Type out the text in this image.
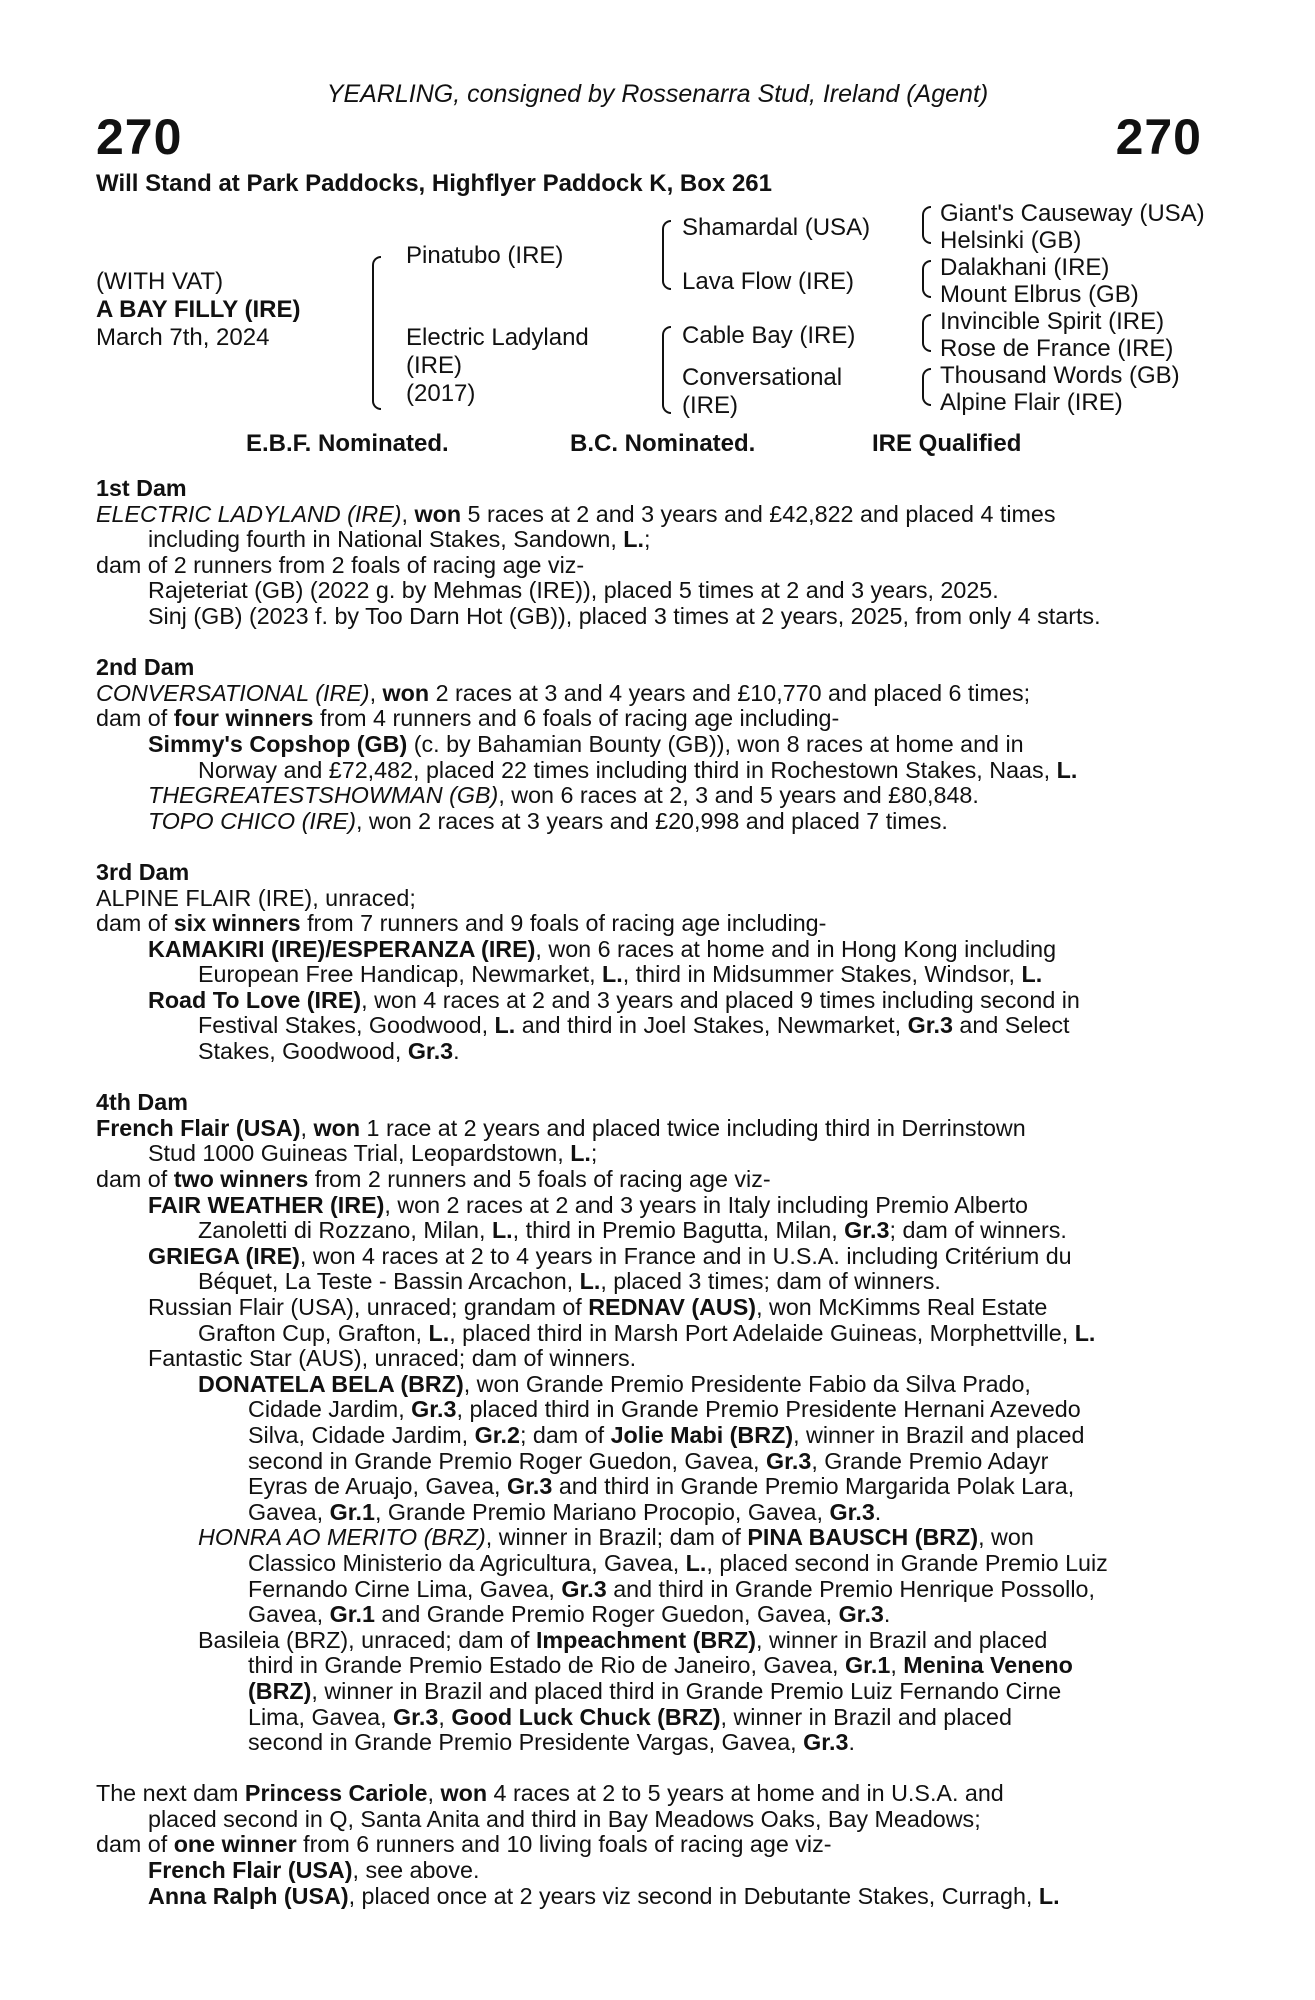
YEARLING, consigned by Rossenarra Stud, Ireland (Agent)
270	270
Will Stand at Park Paddocks, Highflyer Paddock K, Box 261
(WITH VAT)
A BAY FILLY (IRE)
March 7th, 2024
Pinatubo (IRE)
Electric Ladyland
(IRE)
(2017)
Shamardal (USA)
Lava Flow (IRE)
Cable Bay (IRE)
Conversational
(IRE)
Giant's Causeway (USA)
Helsinki (GB)
Dalakhani (IRE)
Mount Elbrus (GB)
Invincible Spirit (IRE)
Rose de France (IRE)
Thousand Words (GB)
Alpine Flair (IRE)
E.B.F. Nominated.	B.C. Nominated.	IRE Qualified
1st Dam
ELECTRIC LADYLAND (IRE), won 5 races at 2 and 3 years and £42,822 and placed 4 times
including fourth in National Stakes, Sandown, L.;
dam of 2 runners from 2 foals of racing age viz-
Rajeteriat (GB) (2022 g. by Mehmas (IRE)), placed 5 times at 2 and 3 years, 2025.
Sinj (GB) (2023 f. by Too Darn Hot (GB)), placed 3 times at 2 years, 2025, from only 4 starts.
2nd Dam
CONVERSATIONAL (IRE), won 2 races at 3 and 4 years and £10,770 and placed 6 times;
dam of four winners from 4 runners and 6 foals of racing age including-
Simmy's Copshop (GB) (c. by Bahamian Bounty (GB)), won 8 races at home and in
Norway and £72,482, placed 22 times including third in Rochestown Stakes, Naas, L.
THEGREATESTSHOWMAN (GB), won 6 races at 2, 3 and 5 years and £80,848.
TOPO CHICO (IRE), won 2 races at 3 years and £20,998 and placed 7 times.
3rd Dam
ALPINE FLAIR (IRE), unraced;
dam of six winners from 7 runners and 9 foals of racing age including-
KAMAKIRI (IRE)/ESPERANZA (IRE), won 6 races at home and in Hong Kong including
European Free Handicap, Newmarket, L., third in Midsummer Stakes, Windsor, L.
Road To Love (IRE), won 4 races at 2 and 3 years and placed 9 times including second in
Festival Stakes, Goodwood, L. and third in Joel Stakes, Newmarket, Gr.3 and Select
Stakes, Goodwood, Gr.3.
4th Dam
French Flair (USA), won 1 race at 2 years and placed twice including third in Derrinstown
Stud 1000 Guineas Trial, Leopardstown, L.;
dam of two winners from 2 runners and 5 foals of racing age viz-
FAIR WEATHER (IRE), won 2 races at 2 and 3 years in Italy including Premio Alberto
Zanoletti di Rozzano, Milan, L., third in Premio Bagutta, Milan, Gr.3; dam of winners.
GRIEGA (IRE), won 4 races at 2 to 4 years in France and in U.S.A. including Critérium du
Béquet, La Teste - Bassin Arcachon, L., placed 3 times; dam of winners.
Russian Flair (USA), unraced; grandam of REDNAV (AUS), won McKimms Real Estate
Grafton Cup, Grafton, L., placed third in Marsh Port Adelaide Guineas, Morphettville, L.
Fantastic Star (AUS), unraced; dam of winners.
DONATELA BELA (BRZ), won Grande Premio Presidente Fabio da Silva Prado,
Cidade Jardim, Gr.3, placed third in Grande Premio Presidente Hernani Azevedo
Silva, Cidade Jardim, Gr.2; dam of Jolie Mabi (BRZ), winner in Brazil and placed
second in Grande Premio Roger Guedon, Gavea, Gr.3, Grande Premio Adayr
Eyras de Aruajo, Gavea, Gr.3 and third in Grande Premio Margarida Polak Lara,
Gavea, Gr.1, Grande Premio Mariano Procopio, Gavea, Gr.3.
HONRA AO MERITO (BRZ), winner in Brazil; dam of PINA BAUSCH (BRZ), won
Classico Ministerio da Agricultura, Gavea, L., placed second in Grande Premio Luiz
Fernando Cirne Lima, Gavea, Gr.3 and third in Grande Premio Henrique Possollo,
Gavea, Gr.1 and Grande Premio Roger Guedon, Gavea, Gr.3.
Basileia (BRZ), unraced; dam of Impeachment (BRZ), winner in Brazil and placed
third in Grande Premio Estado de Rio de Janeiro, Gavea, Gr.1, Menina Veneno
(BRZ), winner in Brazil and placed third in Grande Premio Luiz Fernando Cirne
Lima, Gavea, Gr.3, Good Luck Chuck (BRZ), winner in Brazil and placed
second in Grande Premio Presidente Vargas, Gavea, Gr.3.
The next dam Princess Cariole, won 4 races at 2 to 5 years at home and in U.S.A. and
placed second in Q, Santa Anita and third in Bay Meadows Oaks, Bay Meadows;
dam of one winner from 6 runners and 10 living foals of racing age viz-
French Flair (USA), see above.
Anna Ralph (USA), placed once at 2 years viz second in Debutante Stakes, Curragh, L.
